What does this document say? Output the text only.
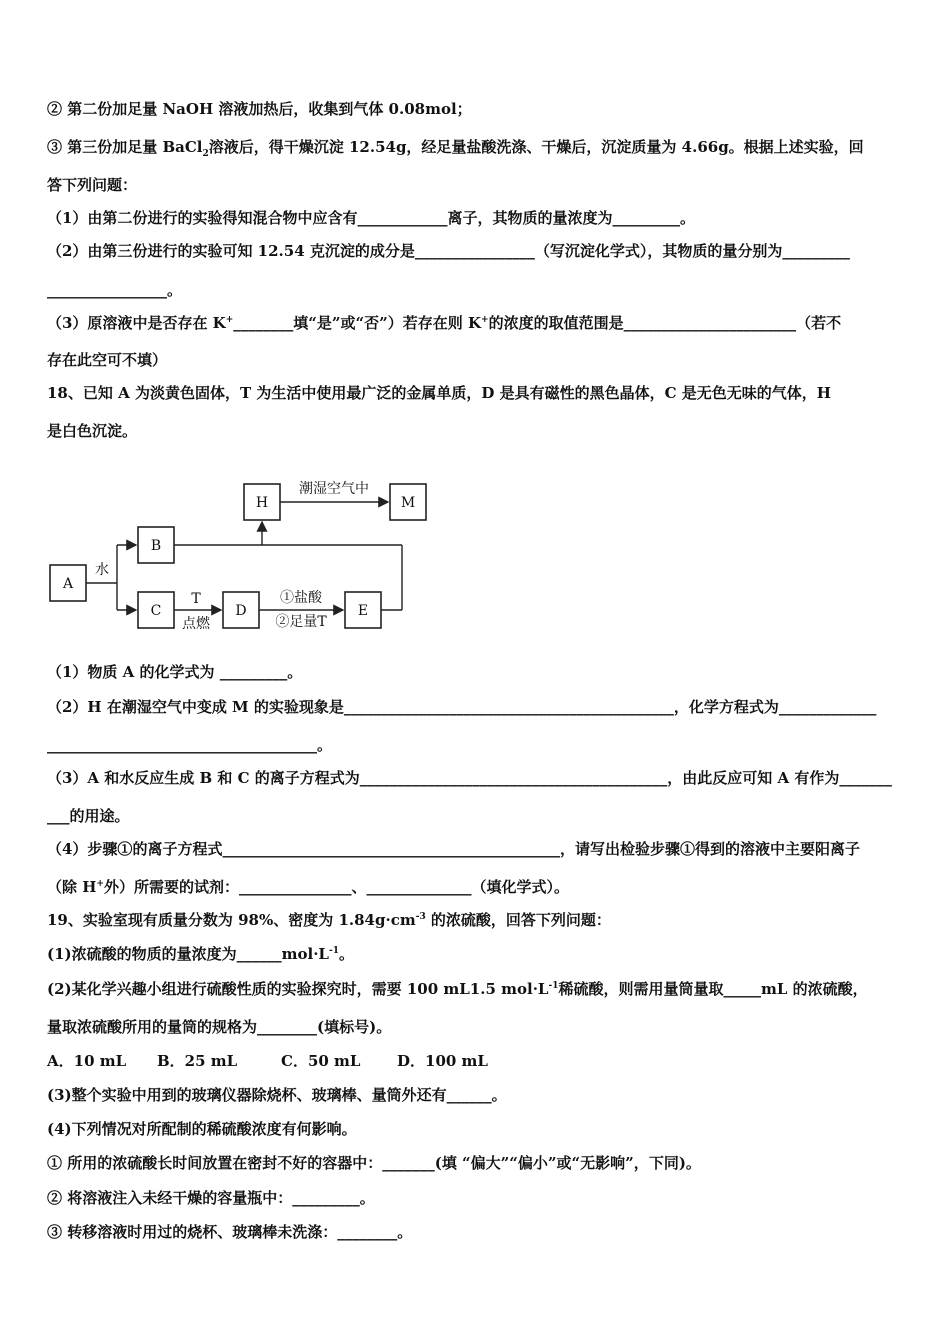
② 第二份加足量 NaOH 溶液加热后，收集到气体 0.08mol；
③ 第三份加足量 BaCl$_2$溶液后，得干燥沉淀 12.54g，经足量盐酸洗涤、干燥后，沉淀质量为 4.66g。根据上述实验，回
答下列问题：
（1）由第二份进行的实验得知混合物中应含有____________离子，其物质的量浓度为_________。
（2）由第三份进行的实验可知 12.54 克沉淀的成分是________________（写沉淀化学式），其物质的量分别为_________
________________。
（3）原溶液中是否存在 K+________填“是”或“否”）若存在则 K+的浓度的取值范围是_______________________（若不
存在此空可不填）
18、已知 A 为淡黄色固体，T 为生活中使用最广泛的金属单质，D 是具有磁性的黑色晶体，C 是无色无味的气体，H
是白色沉淀。
A
B
C	D	E
H	M
水
T
点燃
①盐酸
②足量T
潮湿空气中
（1）物质 A 的化学式为 _________。
（2）H 在潮湿空气中变成 M 的实验现象是____________________________________________，化学方程式为_____________
____________________________________。
（3）A 和水反应生成 B 和 C 的离子方程式为_________________________________________，由此反应可知 A 有作为_______
___的用途。
（4）步骤①的离子方程式_____________________________________________，请写出检验步骤①得到的溶液中主要阳离子
（除 H+外）所需要的试剂：_______________、______________（填化学式）。
19、实验室现有质量分数为 98%、密度为 $1.84g\cdot cm^{-3}$ 的浓硫酸，回答下列问题：
(1)浓硫酸的物质的量浓度为$\_\_\_\_\_\_mol\cdot L^{-1}$。
(2)某化学兴趣小组进行硫酸性质的实验探究时，需要 100 mL1.5 $mol\cdot L^{-1}$稀硫酸，则需用量筒量取_____mL 的浓硫酸，
量取浓硫酸所用的量筒的规格为________(填标号)。
A．10 mL B．25 mL	C．50 mL D．100 mL
(3)整个实验中用到的玻璃仪器除烧杯、玻璃棒、量筒外还有______。
(4)下列情况对所配制的稀硫酸浓度有何影响。
① 所用的浓硫酸长时间放置在密封不好的容器中：_______(填 “偏大”“偏小”或“无影响”，下同)。
② 将溶液注入未经干燥的容量瓶中：_________。
③ 转移溶液时用过的烧杯、玻璃棒未洗涤：________。
